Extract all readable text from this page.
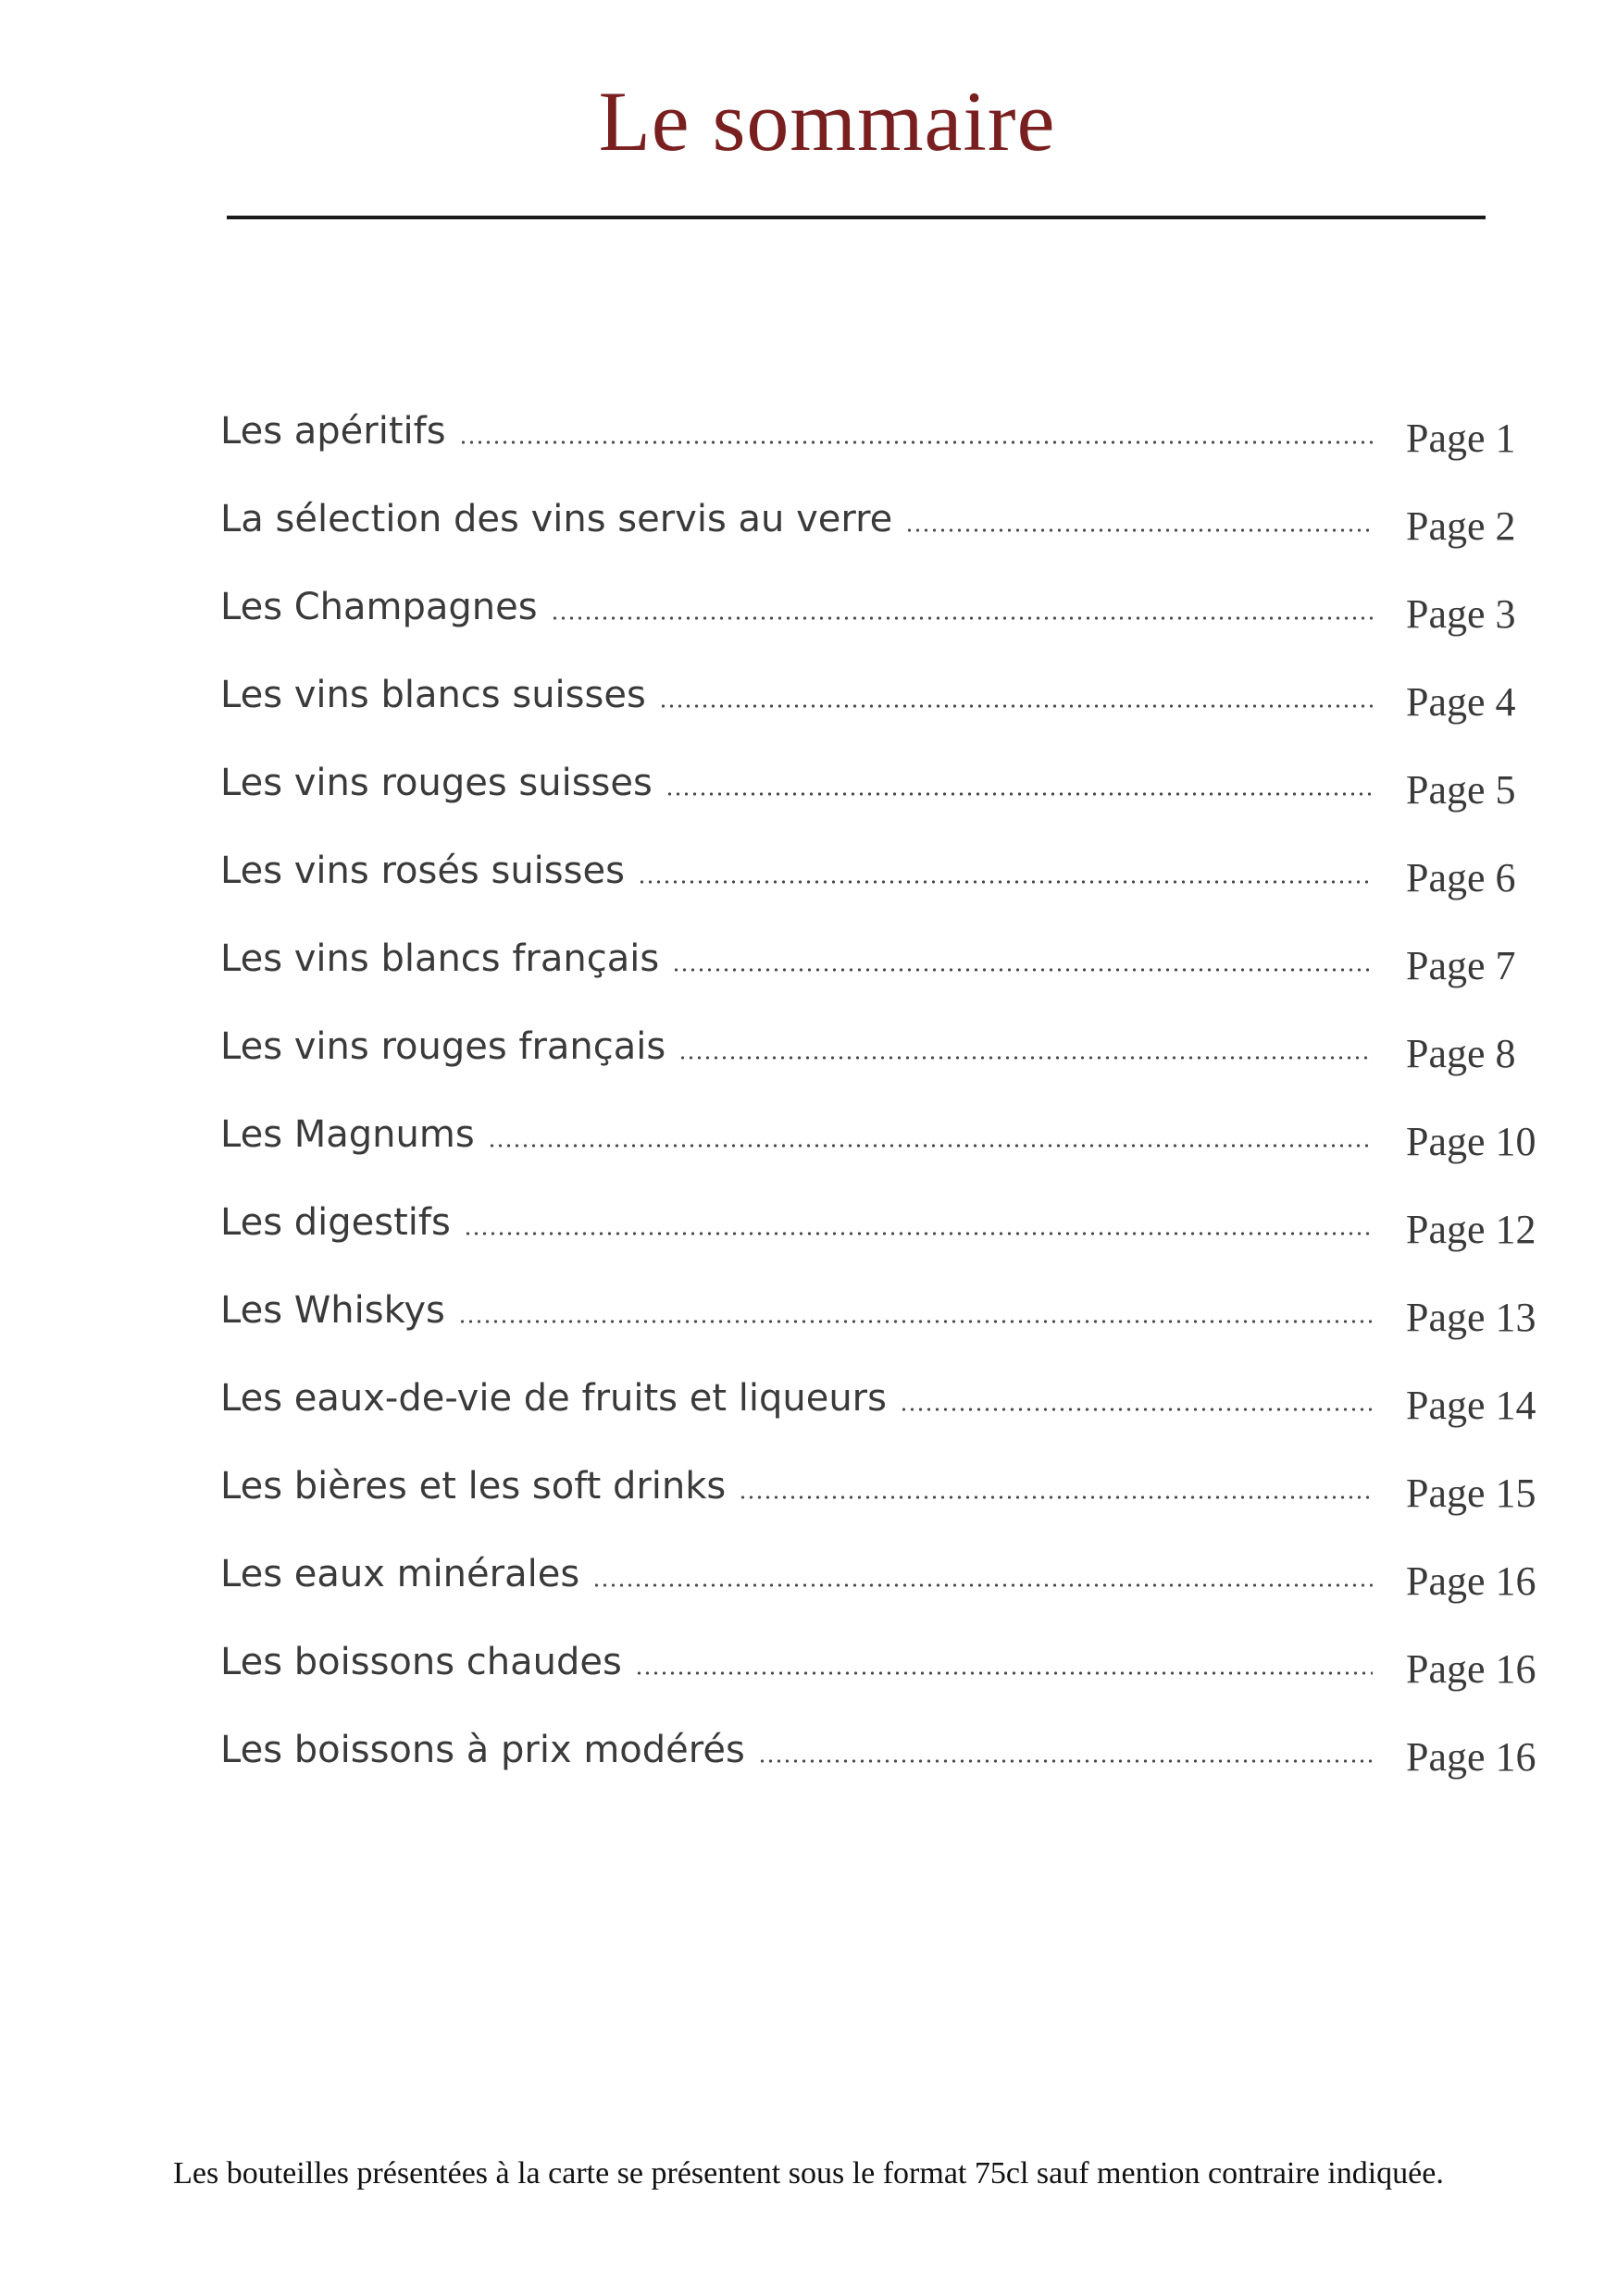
Le sommaire
Les apéritifs	Page 1
La sélection des vins servis au verre	Page 2
Les Champagnes	Page 3
Les vins blancs suisses	Page 4
Les vins rouges suisses	Page 5
Les vins rosés suisses	Page 6
Les vins blancs français	Page 7
Les vins rouges français	Page 8
Les Magnums	Page 10
Les digestifs	Page 12
Les Whiskys	Page 13
Les eaux-de-vie de fruits et liqueurs	Page 14
Les bières et les soft drinks	Page 15
Les eaux minérales	Page 16
Les boissons chaudes	Page 16
Les boissons à prix modérés	Page 16
Les bouteilles présentées à la carte se présentent sous le format 75cl sauf mention contraire indiquée.
